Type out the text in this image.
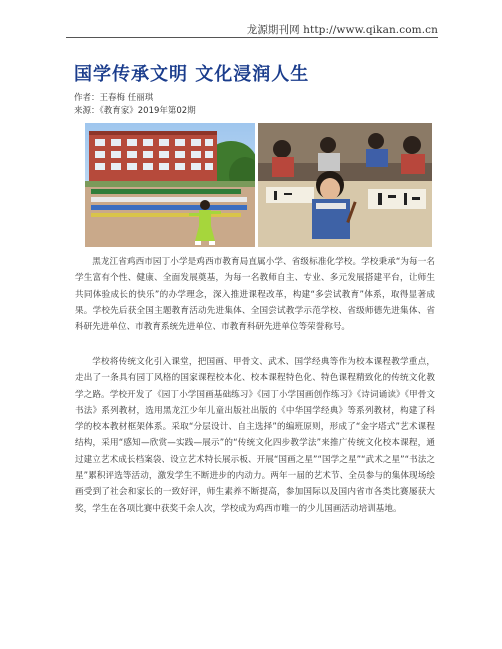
龙源期刊网 http://www.qikan.com.cn
国学传承文明 文化浸润人生
作者：王春梅 任丽琪
来源：《教育家》2019年第02期

黑龙江省鸡西市园丁小学是鸡西市教育局直属小学、省级标准化学校。学校秉承“为每一名学生富有个性、健康、全面发展奠基，为每一名教师自主、专业、多元发展搭建平台，让师生共同体验成长的快乐”的办学理念，深入推进课程改革，构建“多尝试教育”体系，取得显著成果。学校先后获全国主题教育活动先进集体、全国尝试教学示范学校、省级师德先进集体、省科研先进单位、市教育系统先进单位、市教育科研先进单位等荣誉称号。

学校将传统文化引入课堂，把国画、甲骨文、武术、国学经典等作为校本课程教学重点，走出了一条具有园丁风格的国家课程校本化、校本课程特色化、特色课程精致化的传统文化教学之路。学校开发了《园丁小学国画基础练习》《园丁小学国画创作练习》《诗词诵读》《甲骨文书法》系列教材，选用黑龙江少年儿童出版社出版的《中华国学经典》等系列教材，构建了科学的校本教材框架体系。采取“分层设计、自主选择”的编班原则，形成了“金字塔式”艺术课程结构，采用“感知—欣赏—实践—展示”的“传统文化四步教学法”来推广传统文化校本课程，通过建立艺术成长档案袋、设立艺术特长展示板、开展“国画之星”“国学之星”“武术之星”“书法之星”累积评选等活动，激发学生不断进步的内动力。两年一届的艺术节、全员参与的集体现场绘画受到了社会和家长的一致好评，师生素养不断提高，参加国际以及国内省市各类比赛屡获大奖，学生在各项比赛中获奖千余人次，学校成为鸡西市唯一的少儿国画活动培训基地。
